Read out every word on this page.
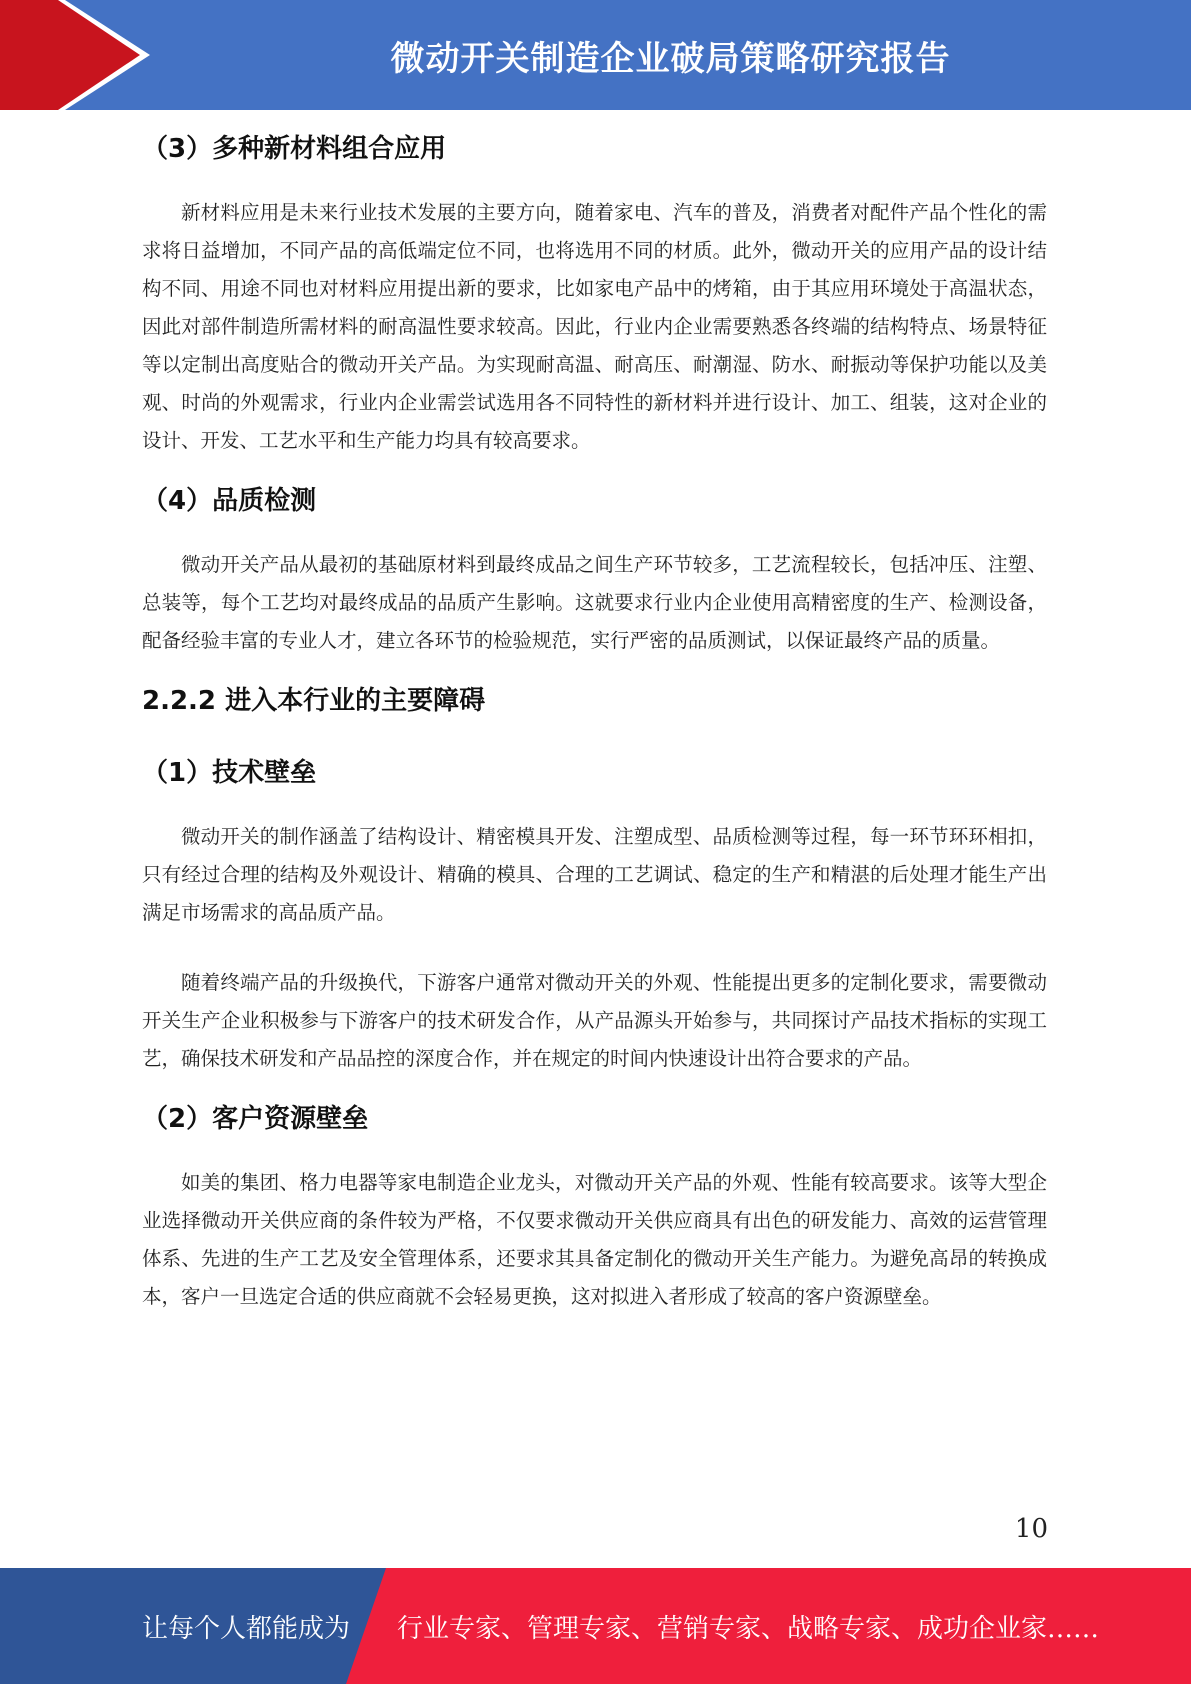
微动开关制造企业破局策略研究报告
（3）多种新材料组合应用

新材料应用是未来行业技术发展的主要方向，随着家电、汽车的普及，消费者对配件产品个性化的需求将日益增加，不同产品的高低端定位不同，也将选用不同的材质。此外，微动开关的应用产品的设计结构不同、用途不同也对材料应用提出新的要求，比如家电产品中的烤箱，由于其应用环境处于高温状态，因此对部件制造所需材料的耐高温性要求较高。因此，行业内企业需要熟悉各终端的结构特点、场景特征等以定制出高度贴合的微动开关产品。为实现耐高温、耐高压、耐潮湿、防水、耐振动等保护功能以及美观、时尚的外观需求，行业内企业需尝试选用各不同特性的新材料并进行设计、加工、组装，这对企业的设计、开发、工艺水平和生产能力均具有较高要求。

（4）品质检测

微动开关产品从最初的基础原材料到最终成品之间生产环节较多，工艺流程较长，包括冲压、注塑、总装等，每个工艺均对最终成品的品质产生影响。这就要求行业内企业使用高精密度的生产、检测设备，配备经验丰富的专业人才，建立各环节的检验规范，实行严密的品质测试，以保证最终产品的质量。

2.2.2 进入本行业的主要障碍
（1）技术壁垒

微动开关的制作涵盖了结构设计、精密模具开发、注塑成型、品质检测等过程，每一环节环环相扣，只有经过合理的结构及外观设计、精确的模具、合理的工艺调试、稳定的生产和精湛的后处理才能生产出满足市场需求的高品质产品。

随着终端产品的升级换代，下游客户通常对微动开关的外观、性能提出更多的定制化要求，需要微动开关生产企业积极参与下游客户的技术研发合作，从产品源头开始参与，共同探讨产品技术指标的实现工艺，确保技术研发和产品品控的深度合作，并在规定的时间内快速设计出符合要求的产品。

（2）客户资源壁垒

如美的集团、格力电器等家电制造企业龙头，对微动开关产品的外观、性能有较高要求。该等大型企业选择微动开关供应商的条件较为严格，不仅要求微动开关供应商具有出色的研发能力、高效的运营管理体系、先进的生产工艺及安全管理体系，还要求其具备定制化的微动开关生产能力。为避免高昂的转换成本，客户一旦选定合适的供应商就不会轻易更换，这对拟进入者形成了较高的客户资源壁垒。

10
让每个人都能成为 行业专家、管理专家、营销专家、战略专家、成功企业家……
